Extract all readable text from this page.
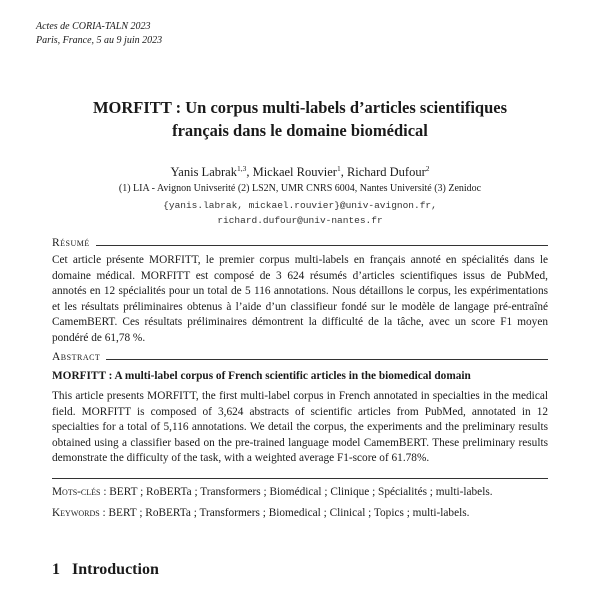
Actes de CORIA-TALN 2023
Paris, France, 5 au 9 juin 2023
MORFITT : Un corpus multi-labels d’articles scientifiques
français dans le domaine biomédical
Yanis Labrak$^{1,3}$, Mickael Rouvier$^1$, Richard Dufour$^2$
(1) LIA - Avignon Univserité (2) LS2N, UMR CNRS 6004, Nantes Université (3) Zenidoc
{yanis.labrak, mickael.rouvier}@univ-avignon.fr,
richard.dufour@univ-nantes.fr
Résumé
Cet article présente MORFITT, le premier corpus multi-labels en français annoté en spécialités dans le domaine médical. MORFITT est composé de 3 624 résumés d’articles scientifiques issus de PubMed, annotés en 12 spécialités pour un total de 5 116 annotations. Nous détaillons le corpus, les expérimentations et les résultats préliminaires obtenus à l’aide d’un classifieur fondé sur le modèle de langage pré-entraîné CamemBERT. Ces résultats préliminaires démontrent la difficulté de la tâche, avec un score F1 moyen pondéré de 61,78 %.
Abstract
MORFITT : A multi-label corpus of French scientific articles in the biomedical domain
This article presents MORFITT, the first multi-label corpus in French annotated in specialties in the medical field. MORFITT is composed of 3,624 abstracts of scientific articles from PubMed, annotated in 12 specialties for a total of 5,116 annotations. We detail the corpus, the experiments and the preliminary results obtained using a classifier based on the pre-trained language model CamemBERT. These preliminary results demonstrate the difficulty of the task, with a weighted average F1-score of 61.78%.
Mots-clés : BERT ; RoBERTa ; Transformers ; Biomédical ; Clinique ; Spécialités ; multi-labels.
Keywords : BERT ; RoBERTa ; Transformers ; Biomedical ; Clinical ; Topics ; multi-labels.
1 Introduction
